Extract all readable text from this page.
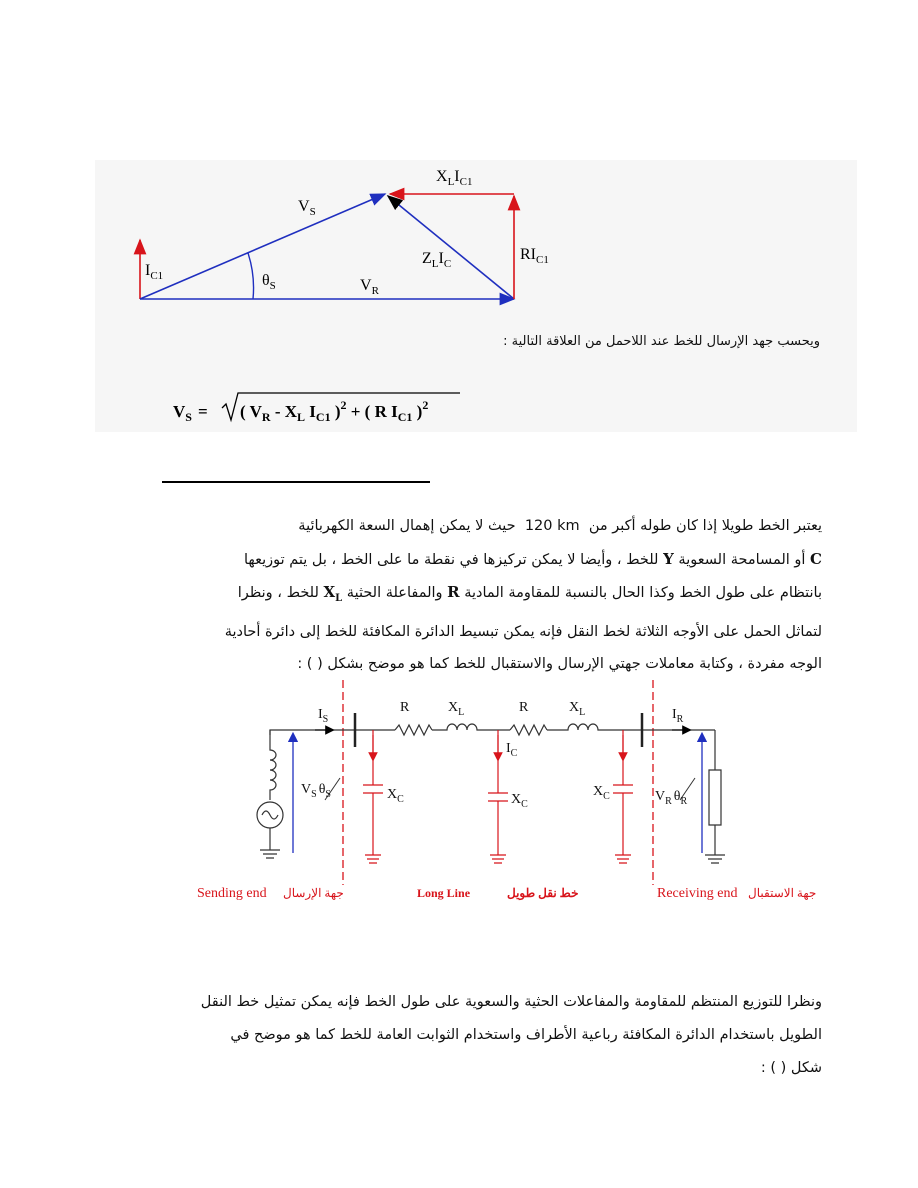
$I_{C1}$
$V_S$
$\theta_S$	$V_R$
$Z_LI_C$
$X_LI_{C1}$
$RI_{C1}$
$V_S$ = ( $V_R - X_L$ $I_{C1}$ )$^2$ + ( R $I_{C1}$ )$^2$
ويحسب جهد الإرسال للخط عند اللاحمل من العلاقة التالية :

يعتبر الخط طويلا إذا كان طوله أكبر من  120 km  حيث لا يمكن إهمال السعة الكهربائية

C أو المسامحة السعوية Y للخط ، وأيضا لا يمكن تركيزها في نقطة ما على الخط ، بل يتم توزيعها

بانتظام على طول الخط وكذا الحال بالنسبة للمقاومة المادية R والمفاعلة الحثية $X_L$ للخط ، ونظرا

لتماثل الحمل على الأوجه الثلاثة لخط النقل فإنه يمكن تبسيط الدائرة المكافئة للخط إلى دائرة أحادية

الوجه مفردة ، وكتابة معاملات جهتي الإرسال والاستقبال للخط كما هو موضح بشكل ( ) :

$I_S$	$I_R$
R	$X_L$	R	$X_L$
$I_C$
$X_C$	$X_C$
$X_C$
$V_S$ $\theta_S$	$V_R$ $\theta_R$
Sending end جهة الإرسال	Long Line	خط نقل طويل	Receiving end جهة الاستقبال

ونظرا للتوزيع المنتظم للمقاومة والمفاعلات الحثية والسعوية على طول الخط فإنه يمكن تمثيل خط النقل

الطويل باستخدام الدائرة المكافئة رباعية الأطراف واستخدام الثوابت العامة للخط كما هو موضح في

شكل ( ) :
